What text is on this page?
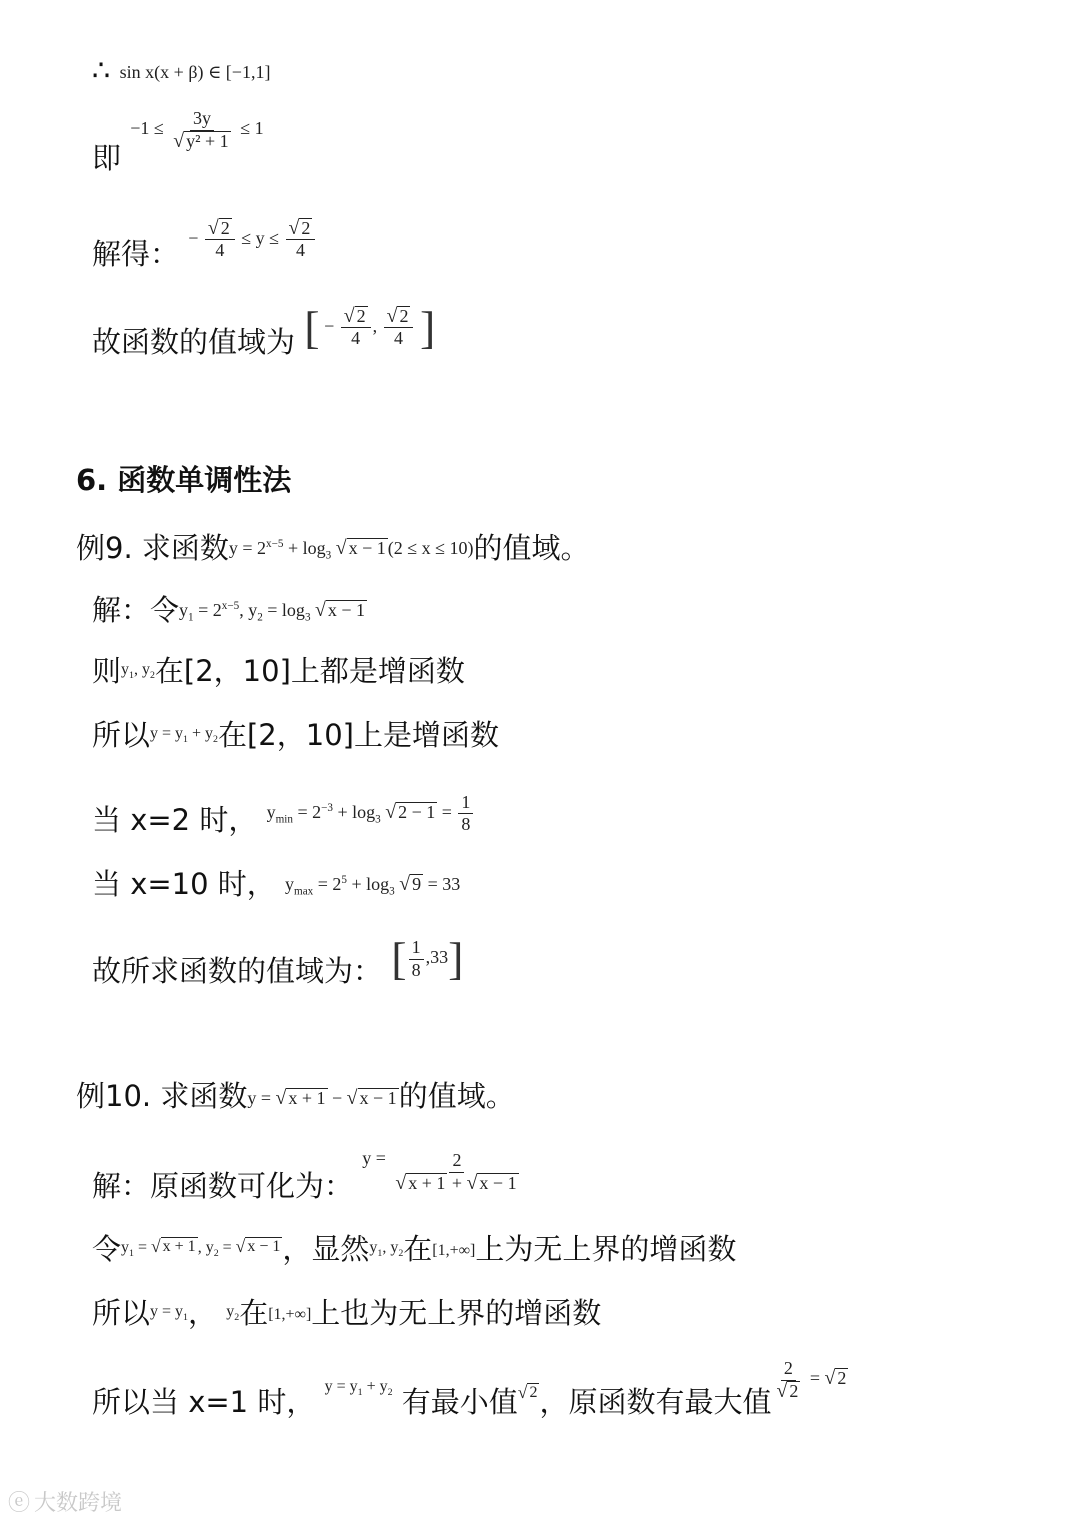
∴ sin x(x + β) ∈ [−1,1]
即 $-1 \le \frac{3y}{\text{√ y² + 1}} \le 1$
解得： − $\frac{√ 2}{4} \le y \le \frac{√ 2}{4}$
故函数的值域为 [ − $\frac{√ 2}{4}$ , $\frac{√ 2}{4}$ ]
6. 函数单调性法
例9. 求函数$y = 2^{x-5} + \log_3$ √ x − 1 (2 ≤ x ≤ 10)的值域。
解：令$y_1 = 2^{x-5}$, $y_2 = \log_3$ √ x − 1
则$y_1$, $y_2$在[2，10]上都是增函数
所以$y = y_1 + y_2$在[2，10]上是增函数
当 x=2 时， $y_{min} = 2^{-3} + \log_3$ √ $2 - 1 = \frac{1}{8}$
当 x=10 时， $y_{max} = 2^5 + \log_3$ √ 9 = 33
故所求函数的值域为： [ $\frac{1}{8} ,33$]
例10. 求函数y = √ x + 1 − √ x − 1 的值域。
解：原函数可化为： $y = \frac{2}{√ x + 1 + √ x - 1}$
令$y_1$ = √ x + 1 , $y_2$ = √ x − 1 ，显然$y_1$, $y_2$在[1,+∞]上为无上界的增函数
所以$y = y_1$， $y_2$在[1,+∞]上也为无上界的增函数
所以当 x=1 时， $y = y_1 + y_2$ 有最小值 √ 2 ，原函数有最大值
$\frac{2}{√ 2}$ = √ 2
ⓔ 大数跨境
